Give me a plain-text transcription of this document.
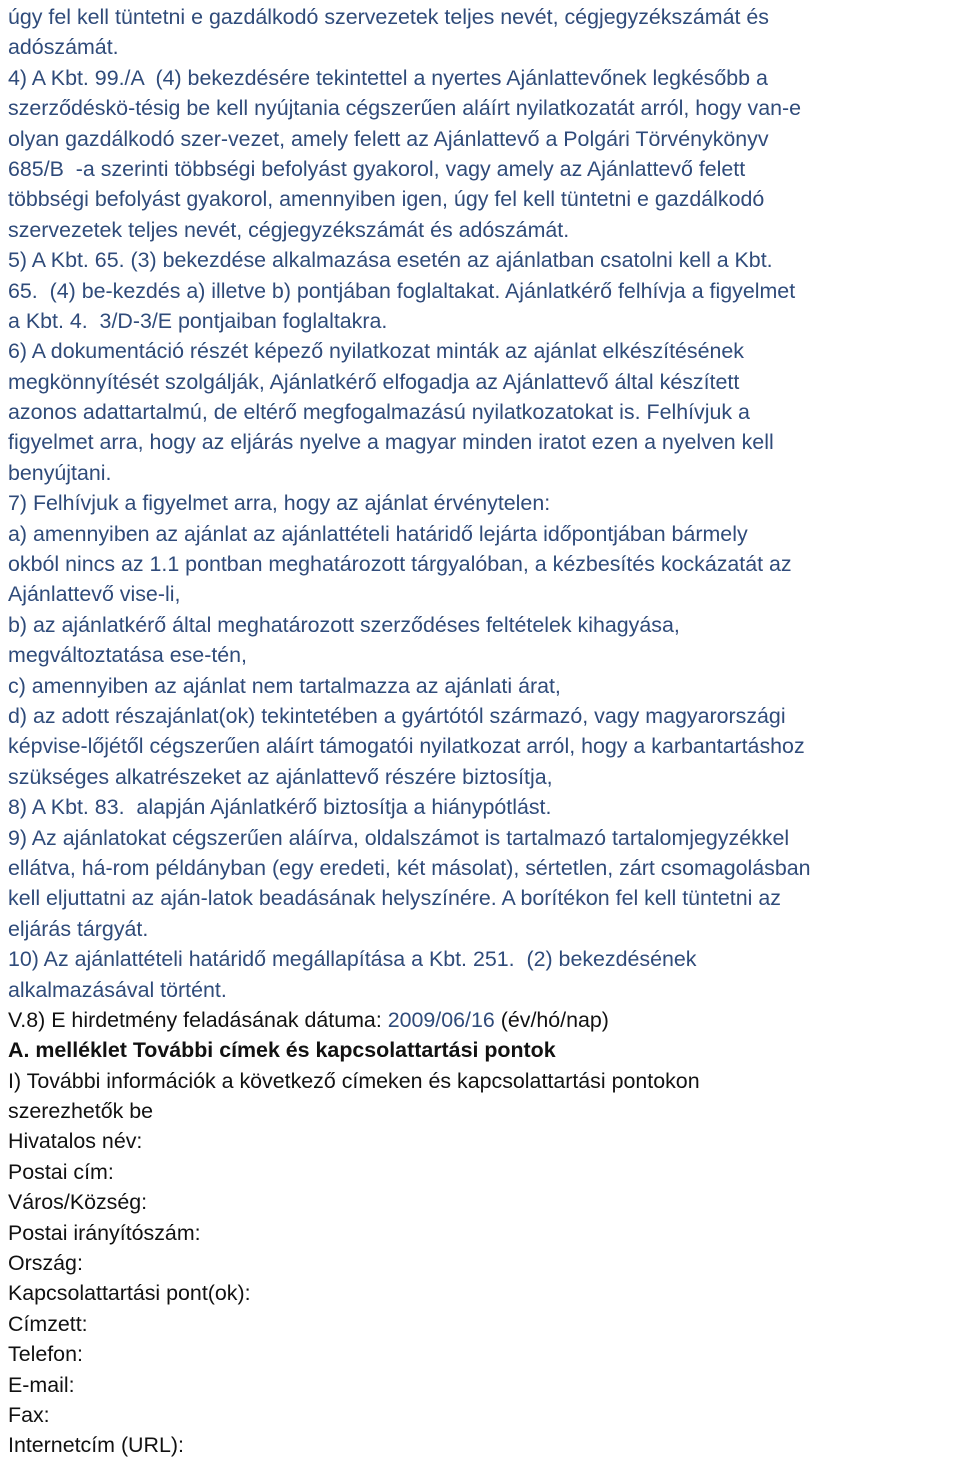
úgy fel kell tüntetni e gazdálkodó szervezetek teljes nevét, cégjegyzékszámát és
adószámát.
4) A Kbt. 99./A  (4) bekezdésére tekintettel a nyertes Ajánlattevőnek legkésőbb a
szerződéskö-tésig be kell nyújtania cégszerűen aláírt nyilatkozatát arról, hogy van-e
olyan gazdálkodó szer-vezet, amely felett az Ajánlattevő a Polgári Törvénykönyv
685/B  -a szerinti többségi befolyást gyakorol, vagy amely az Ajánlattevő felett
többségi befolyást gyakorol, amennyiben igen, úgy fel kell tüntetni e gazdálkodó
szervezetek teljes nevét, cégjegyzékszámát és adószámát.
5) A Kbt. 65. (3) bekezdése alkalmazása esetén az ajánlatban csatolni kell a Kbt.
65.  (4) be-kezdés a) illetve b) pontjában foglaltakat. Ajánlatkérő felhívja a figyelmet
a Kbt. 4.  3/D-3/E pontjaiban foglaltakra.
6) A dokumentáció részét képező nyilatkozat minták az ajánlat elkészítésének
megkönnyítését szolgálják, Ajánlatkérő elfogadja az Ajánlattevő által készített
azonos adattartalmú, de eltérő megfogalmazású nyilatkozatokat is. Felhívjuk a
figyelmet arra, hogy az eljárás nyelve a magyar minden iratot ezen a nyelven kell
benyújtani.
7) Felhívjuk a figyelmet arra, hogy az ajánlat érvénytelen:
a) amennyiben az ajánlat az ajánlattételi határidő lejárta időpontjában bármely
okból nincs az 1.1 pontban meghatározott tárgyalóban, a kézbesítés kockázatát az
Ajánlattevő vise-li,
b) az ajánlatkérő által meghatározott szerződéses feltételek kihagyása,
megváltoztatása ese-tén,
c) amennyiben az ajánlat nem tartalmazza az ajánlati árat,
d) az adott részajánlat(ok) tekintetében a gyártótól származó, vagy magyarországi
képvise-lőjétől cégszerűen aláírt támogatói nyilatkozat arról, hogy a karbantartáshoz
szükséges alkatrészeket az ajánlattevő részére biztosítja,
8) A Kbt. 83.  alapján Ajánlatkérő biztosítja a hiánypótlást.
9) Az ajánlatokat cégszerűen aláírva, oldalszámot is tartalmazó tartalomjegyzékkel
ellátva, há-rom példányban (egy eredeti, két másolat), sértetlen, zárt csomagolásban
kell eljuttatni az aján-latok beadásának helyszínére. A borítékon fel kell tüntetni az
eljárás tárgyát.
10) Az ajánlattételi határidő megállapítása a Kbt. 251.  (2) bekezdésének
alkalmazásával történt.
V.8) E hirdetmény feladásának dátuma: 2009/06/16 (év/hó/nap)
A. melléklet További címek és kapcsolattartási pontok
I) További információk a következő címeken és kapcsolattartási pontokon
szerezhetők be
Hivatalos név:
Postai cím:
Város/Község:
Postai irányítószám:
Ország:
Kapcsolattartási pont(ok):
Címzett:
Telefon:
E-mail:
Fax:
Internetcím (URL):
